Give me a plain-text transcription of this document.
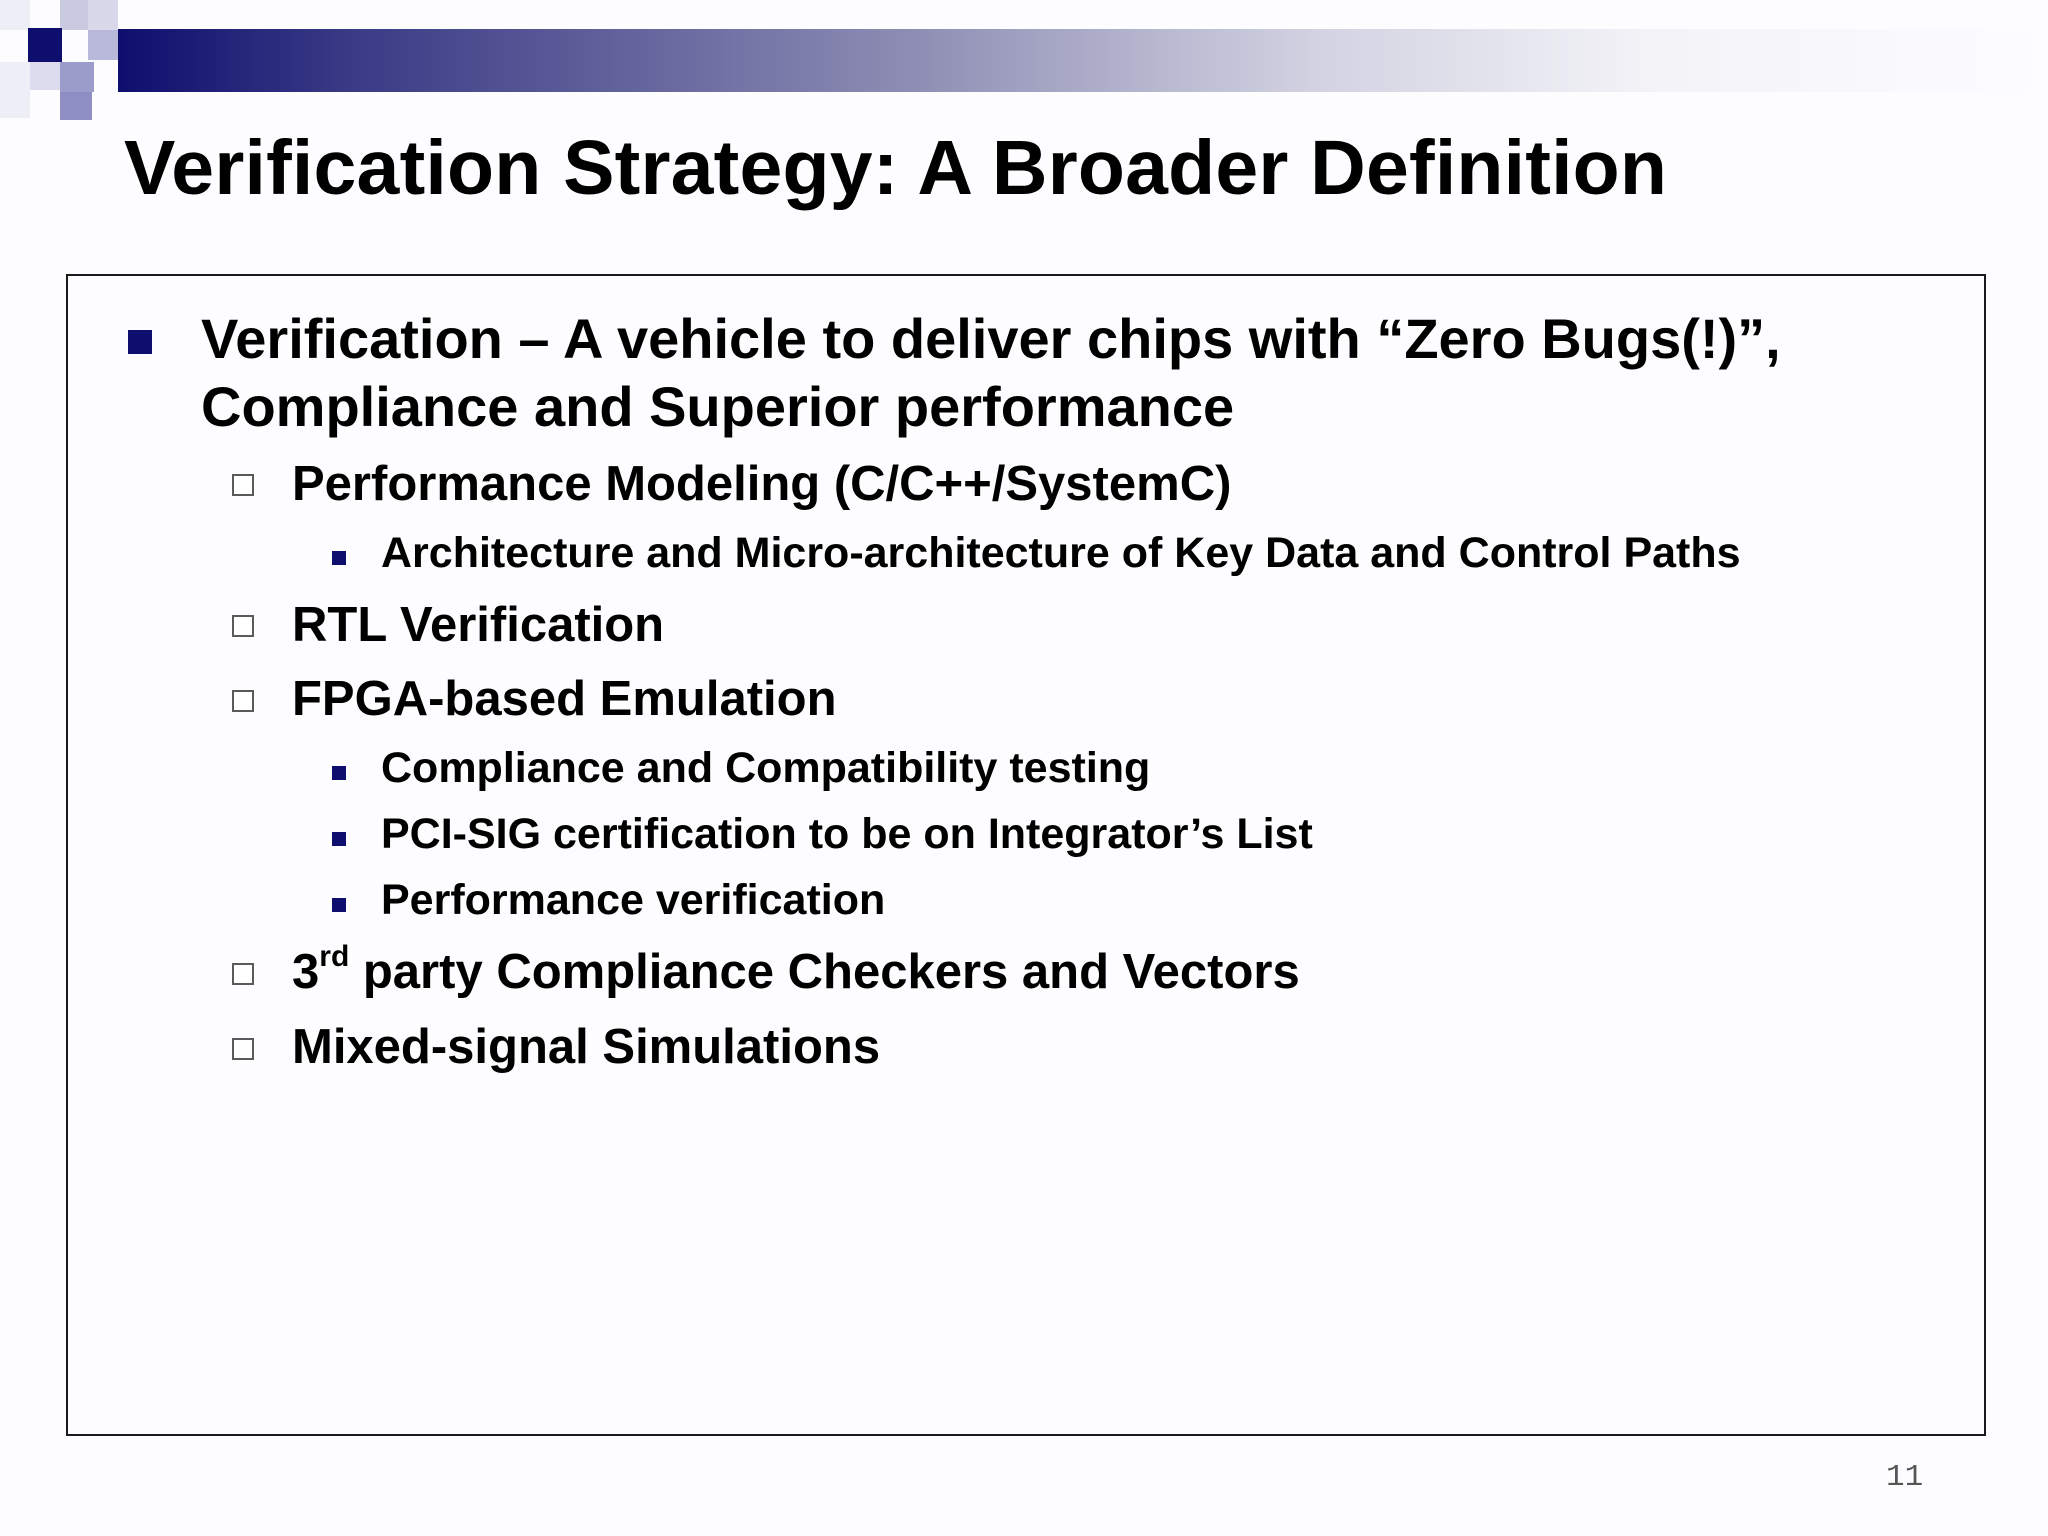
Verification Strategy: A Broader Definition
Verification – A vehicle to deliver chips with “Zero Bugs(!)”,
Compliance and Superior performance
Performance Modeling (C/C++/SystemC)
Architecture and Micro-architecture of Key Data and Control Paths
RTL Verification
FPGA-based Emulation
Compliance and Compatibility testing
PCI-SIG certification to be on Integrator’s List
Performance verification
3rd party Compliance Checkers and Vectors
Mixed-signal Simulations
11
